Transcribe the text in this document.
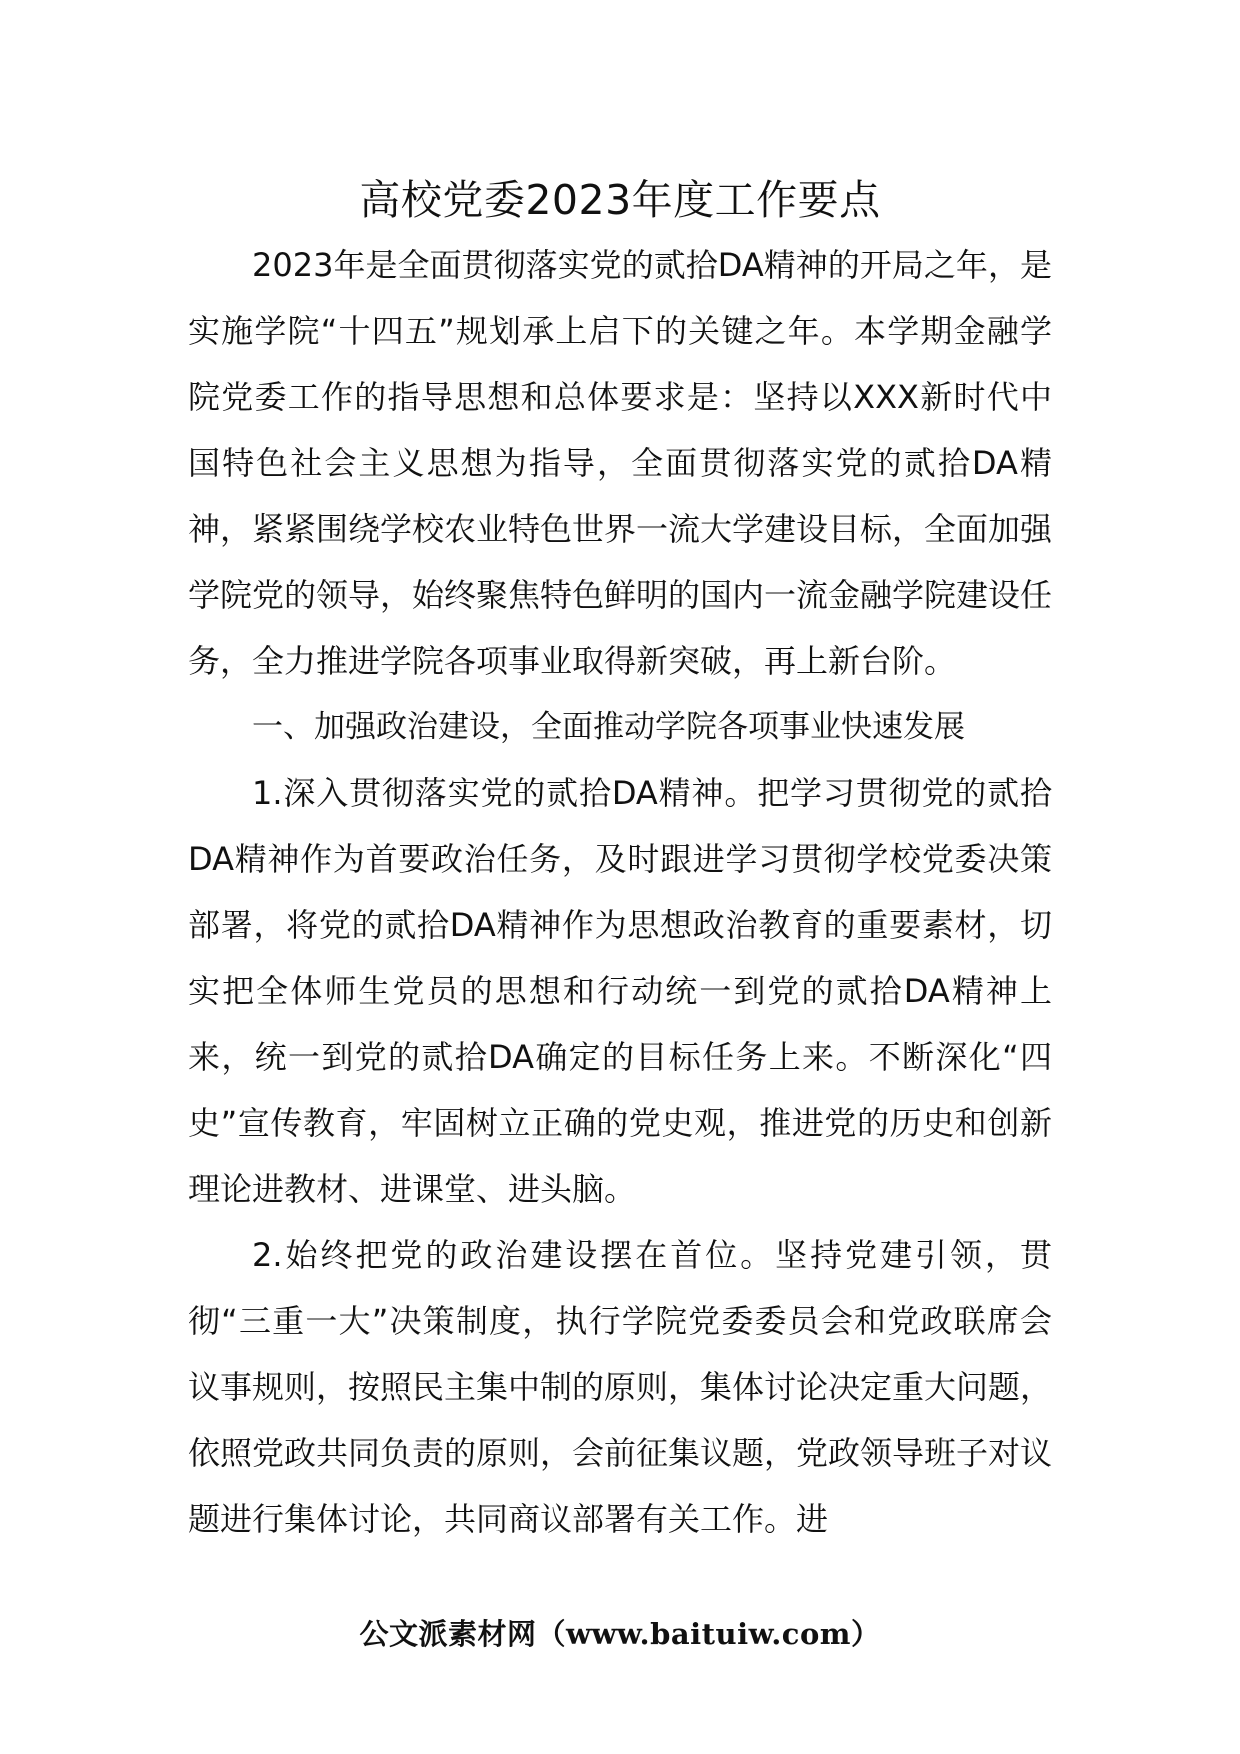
高校党委2023年度工作要点

2023年是全面贯彻落实党的贰拾DA精神的开局之年，是实施学院“十四五”规划承上启下的关键之年。本学期金融学院党委工作的指导思想和总体要求是：坚持以XXX新时代中国特色社会主义思想为指导，全面贯彻落实党的贰拾DA精神，紧紧围绕学校农业特色世界一流大学建设目标，全面加强学院党的领导，始终聚焦特色鲜明的国内一流金融学院建设任务，全力推进学院各项事业取得新突破，再上新台阶。

一、加强政治建设，全面推动学院各项事业快速发展

1.深入贯彻落实党的贰拾DA精神。把学习贯彻党的贰拾DA精神作为首要政治任务，及时跟进学习贯彻学校党委决策部署，将党的贰拾DA精神作为思想政治教育的重要素材，切实把全体师生党员的思想和行动统一到党的贰拾DA精神上来，统一到党的贰拾DA确定的目标任务上来。不断深化“四史”宣传教育，牢固树立正确的党史观，推进党的历史和创新理论进教材、进课堂、进头脑。

2.始终把党的政治建设摆在首位。坚持党建引领，贯彻“三重一大”决策制度，执行学院党委委员会和党政联席会议事规则，按照民主集中制的原则，集体讨论决定重大问题，依照党政共同负责的原则，会前征集议题，党政领导班子对议题进行集体讨论，共同商议部署有关工作。进

公文派素材网（www.baituiw.com）
